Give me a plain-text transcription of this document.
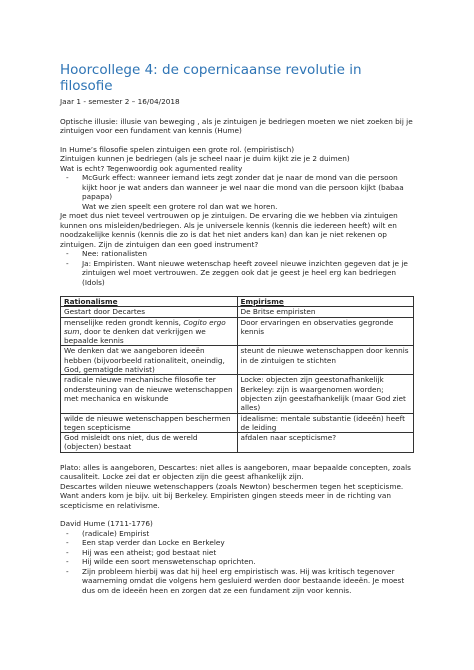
Hoorcollege 4: de copernicaanse revolutie in filosofie

Jaar 1 - semester 2 – 16/04/2018

Optische illusie: illusie van beweging , als je zintuigen je bedriegen moeten we niet zoeken bij je zintuigen voor een fundament van kennis (Hume)

In Hume’s filosofie spelen zintuigen een grote rol. (empiristisch)

Zintuigen kunnen je bedriegen (als je scheel naar je duim kijkt zie je 2 duimen)

Wat is echt? Tegenwoordig ook agumented reality

- McGurk effect: wanneer iemand iets zegt zonder dat je naar de mond van die persoon kijkt hoor je wat anders dan wanneer je wel naar die mond van die persoon kijkt (babaa papapa)

Wat we zien speelt een grotere rol dan wat we horen.

Je moet dus niet teveel vertrouwen op je zintuigen. De ervaring die we hebben via zintuigen kunnen ons misleiden/bedriegen. Als je universele kennis (kennis die iedereen heeft) wilt en noodzakelijke kennis (kennis die zo is dat het niet anders kan) dan kan je niet rekenen op zintuigen. Zijn de zintuigen dan een goed instrument?

- Nee: rationalisten

- Ja: Empiristen. Want nieuwe wetenschap heeft zoveel nieuwe inzichten gegeven dat je je zintuigen wel moet vertrouwen. Ze zeggen ook dat je geest je heel erg kan bedriegen (Idols)

Rationalisme	Empirisme
Gestart door Decartes	De Britse empiristen
menselijke reden grondt kennis, Cogito ergo sum, door te denken dat verkrijgen we bepaalde kennis	Door ervaringen en observaties gegronde kennis
We denken dat we aangeboren ideeën hebben (bijvoorbeeld rationaliteit, oneindig, God, gematigde nativist)	steunt de nieuwe wetenschappen door kennis in de zintuigen te stichten
radicale nieuwe mechanische filosofie ter ondersteuning van de nieuwe wetenschappen met mechanica en wiskunde	Locke: objecten zijn geestonafhankelijk Berkeley: zijn is waargenomen worden; objecten zijn geestafhankelijk (maar God ziet alles)
wilde de nieuwe wetenschappen beschermen tegen scepticisme	idealisme: mentale substantie (ideeën) heeft de leiding
God misleidt ons niet, dus de wereld (objecten) bestaat	afdalen naar scepticisme?

Plato: alles is aangeboren, Descartes: niet alles is aangeboren, maar bepaalde concepten, zoals causaliteit. Locke zei dat er objecten zijn die geest afhankelijk zijn.

Descartes wilden nieuwe wetenschappers (zoals Newton) beschermen tegen het scepticisme. Want anders kom je bijv. uit bij Berkeley. Empiristen gingen steeds meer in de richting van scepticisme en relativisme.

David Hume (1711-1776)

- (radicale) Empirist

- Een stap verder dan Locke en Berkeley

- Hij was een atheist; god bestaat niet

- Hij wilde een soort menswetenschap oprichten.

- Zijn probleem hierbij was dat hij heel erg empiristisch was. Hij was kritisch tegenover waarneming omdat die volgens hem gesluierd werden door bestaande ideeën. Je moest dus om de ideeën heen en zorgen dat ze een fundament zijn voor kennis.
